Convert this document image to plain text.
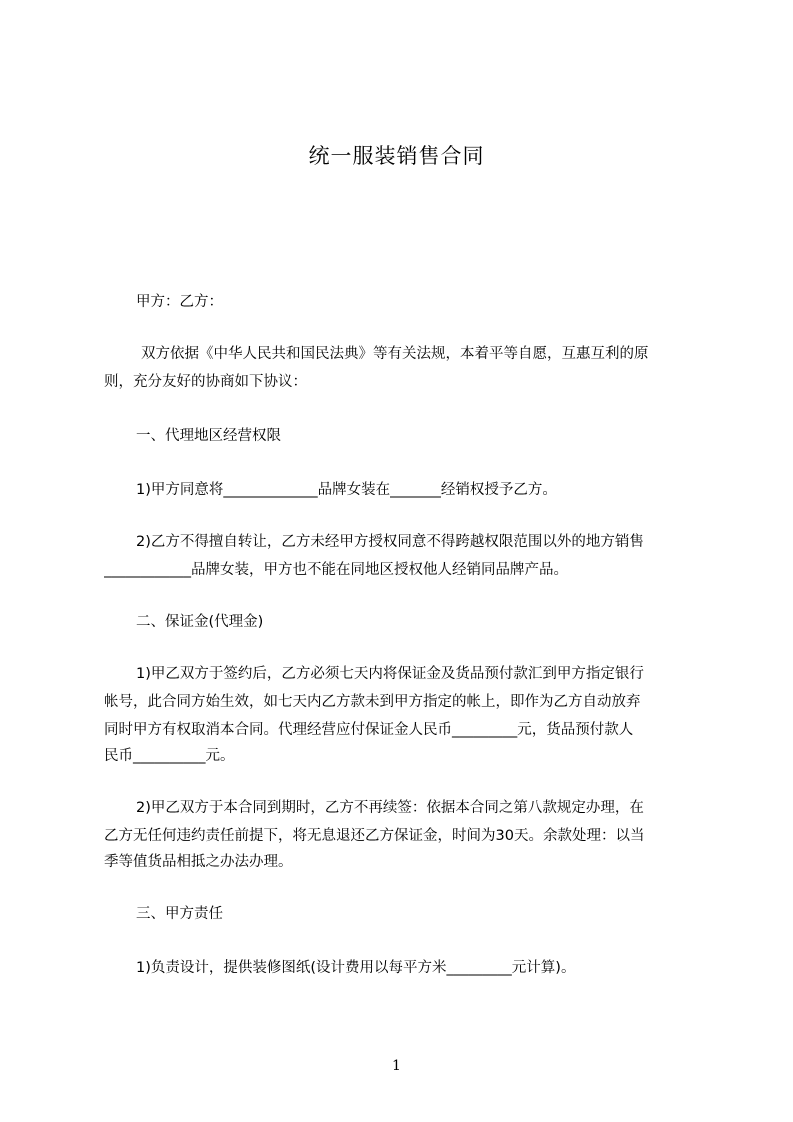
统一服装销售合同
甲方：乙方：
双方依据《中华人民共和国民法典》等有关法规，本着平等自愿，互惠互利的原
则，充分友好的协商如下协议：
一、代理地区经营权限
1)甲方同意将_____________品牌女装在_______经销权授予乙方。
2)乙方不得擅自转让，乙方未经甲方授权同意不得跨越权限范围以外的地方销售
____________品牌女装，甲方也不能在同地区授权他人经销同品牌产品。
二、保证金(代理金)
1)甲乙双方于签约后，乙方必须七天内将保证金及货品预付款汇到甲方指定银行
帐号，此合同方始生效，如七天内乙方款未到甲方指定的帐上，即作为乙方自动放弃
同时甲方有权取消本合同。代理经营应付保证金人民币_________元，货品预付款人
民币__________元。
2)甲乙双方于本合同到期时，乙方不再续签：依据本合同之第八款规定办理，在
乙方无任何违约责任前提下，将无息退还乙方保证金，时间为30天。余款处理：以当
季等值货品相抵之办法办理。
三、甲方责任
1)负责设计，提供装修图纸(设计费用以每平方米_________元计算)。
1
